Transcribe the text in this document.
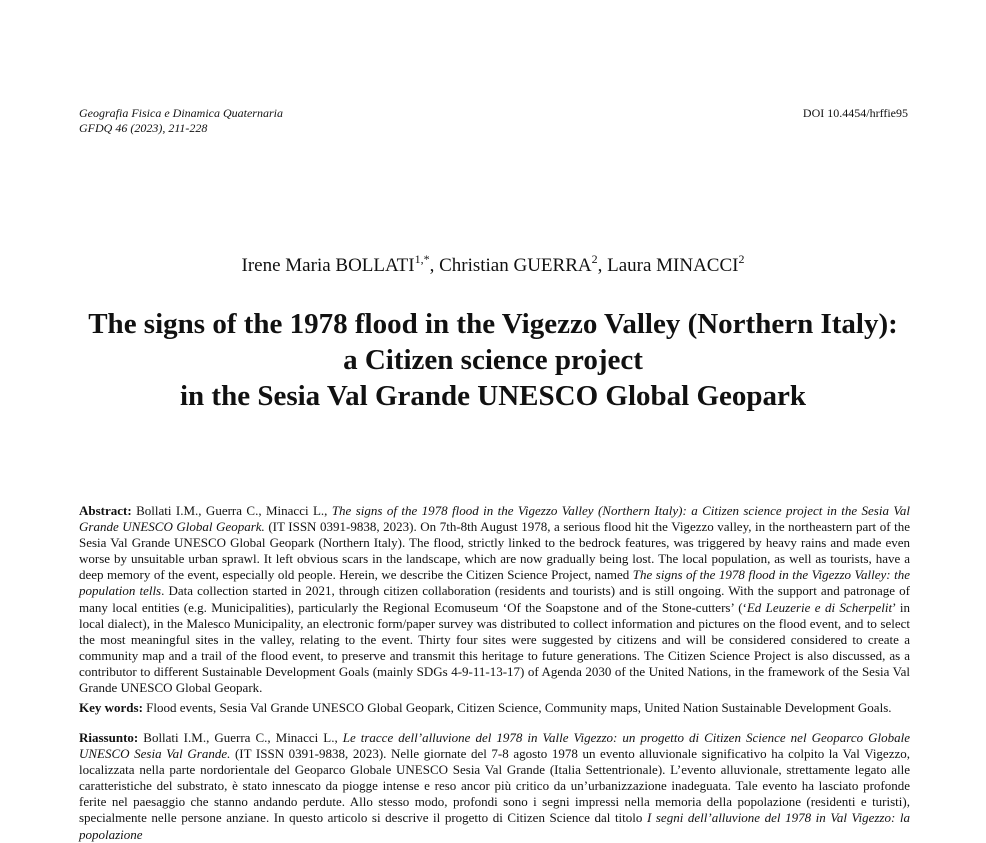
Geografia Fisica e Dinamica Quaternaria
GFDQ 46 (2023), 211-228
DOI 10.4454/hrffie95
Irene Maria $BOLLATI^{1,*}$, Christian GUERRA$^2$, Laura MINACCI$^2$
The signs of the 1978 flood in the Vigezzo Valley (Northern Italy):
a Citizen science project
in the Sesia Val Grande UNESCO Global Geopark

Abstract: Bollati I.M., Guerra C., Minacci L., The signs of the 1978 flood in the Vigezzo Valley (Northern Italy): a Citizen science project in the Sesia Val Grande UNESCO Global Geopark. (IT ISSN 0391-9838, 2023). On 7th-8th August 1978, a serious flood hit the Vigezzo valley, in the northeastern part of the Sesia Val Grande UNESCO Global Geopark (Northern Italy). The flood, strictly linked to the bedrock features, was triggered by heavy rains and made even worse by unsuitable urban sprawl. It left obvious scars in the landscape, which are now gradually being lost. The local population, as well as tourists, have a deep memory of the event, especially old people. Herein, we describe the Citizen Science Project, named The signs of the 1978 flood in the Vigezzo Valley: the population tells. Data collection started in 2021, through citizen collaboration (residents and tourists) and is still ongoing. With the support and patronage of many local entities (e.g. Municipalities), particularly the Regional Ecomuseum ‘Of the Soapstone and of the Stone-cutters’ (‘Ed Leuzerie e di Scherpelit’ in local dialect), in the Malesco Municipality, an electronic form/paper survey was distributed to collect information and pictures on the flood event, and to select the most meaningful sites in the valley, relating to the event. Thirty four sites were suggested by citizens and will be considered considered to create a community map and a trail of the flood event, to preserve and transmit this heritage to future generations. The Citizen Science Project is also discussed, as a contributor to different Sustainable Development Goals (mainly SDGs 4-9-11-13-17) of Agenda 2030 of the United Nations, in the framework of the Sesia Val Grande UNESCO Global Geopark.

Key words: Flood events, Sesia Val Grande UNESCO Global Geopark, Citizen Science, Community maps, United Nation Sustainable Development Goals.

Riassunto: Bollati I.M., Guerra C., Minacci L., Le tracce dell’alluvione del 1978 in Valle Vigezzo: un progetto di Citizen Science nel Geoparco Globale UNESCO Sesia Val Grande. (IT ISSN 0391-9838, 2023). Nelle giornate del 7-8 agosto 1978 un evento alluvionale significativo ha colpito la Val Vigezzo, localizzata nella parte nordorientale del Geoparco Globale UNESCO Sesia Val Grande (Italia Settentrionale). L’evento alluvionale, strettamente legato alle caratteristiche del substrato, è stato innescato da piogge intense e reso ancor più critico da un’urbanizzazione inadeguata. Tale evento ha lasciato profonde ferite nel paesaggio che stanno andando perdute. Allo stesso modo, profondi sono i segni impressi nella memoria della popolazione (residenti e turisti), specialmente nelle persone anziane. In questo articolo si descrive il progetto di Citizen Science dal titolo I segni dell’alluvione del 1978 in Val Vigezzo: la popolazione
